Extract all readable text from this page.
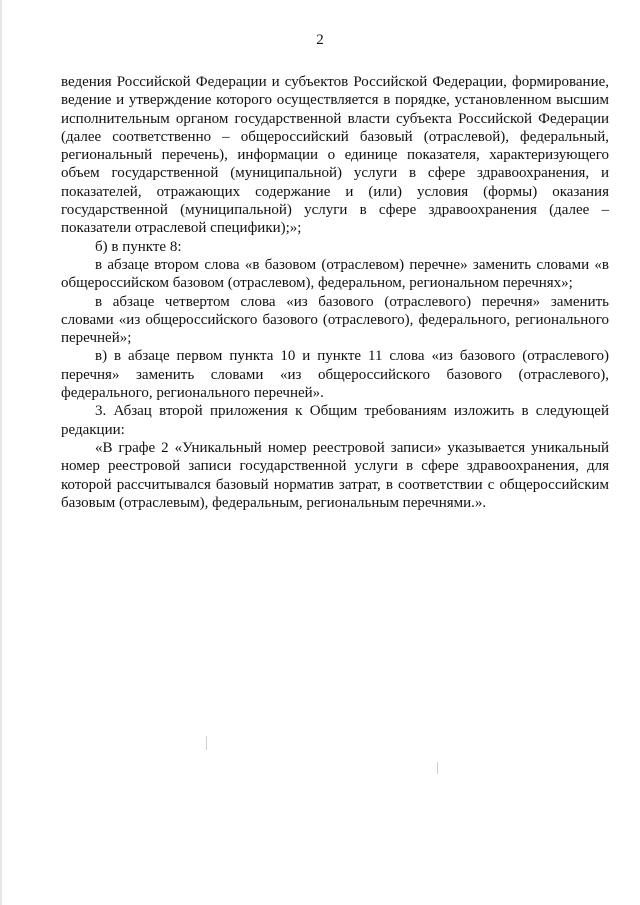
2

ведения Российской Федерации и субъектов Российской Федерации, формирование, ведение и утверждение которого осуществляется в порядке, установленном высшим исполнительным органом государственной власти субъекта Российской Федерации (далее соответственно – общероссийский базовый (отраслевой), федеральный, региональный перечень), информации о единице показателя, характеризующего объем государственной (муниципальной) услуги в сфере здравоохранения, и показателей, отражающих содержание и (или) условия (формы) оказания государственной (муниципальной) услуги в сфере здравоохранения (далее – показатели отраслевой специфики);»;

б) в пункте 8:

в абзаце втором слова «в базовом (отраслевом) перечне» заменить словами «в общероссийском базовом (отраслевом), федеральном, региональном перечнях»;

в абзаце четвертом слова «из базового (отраслевого) перечня» заменить словами «из общероссийского базового (отраслевого), федерального, регионального перечней»;

в) в абзаце первом пункта 10 и пункте 11 слова «из базового (отраслевого) перечня» заменить словами «из общероссийского базового (отраслевого), федерального, регионального перечней».

3. Абзац второй приложения к Общим требованиям изложить в следующей редакции:

«В графе 2 «Уникальный номер реестровой записи» указывается уникальный номер реестровой записи государственной услуги в сфере здравоохранения, для которой рассчитывался базовый норматив затрат, в соответствии с общероссийским базовым (отраслевым), федеральным, региональным перечнями.».
